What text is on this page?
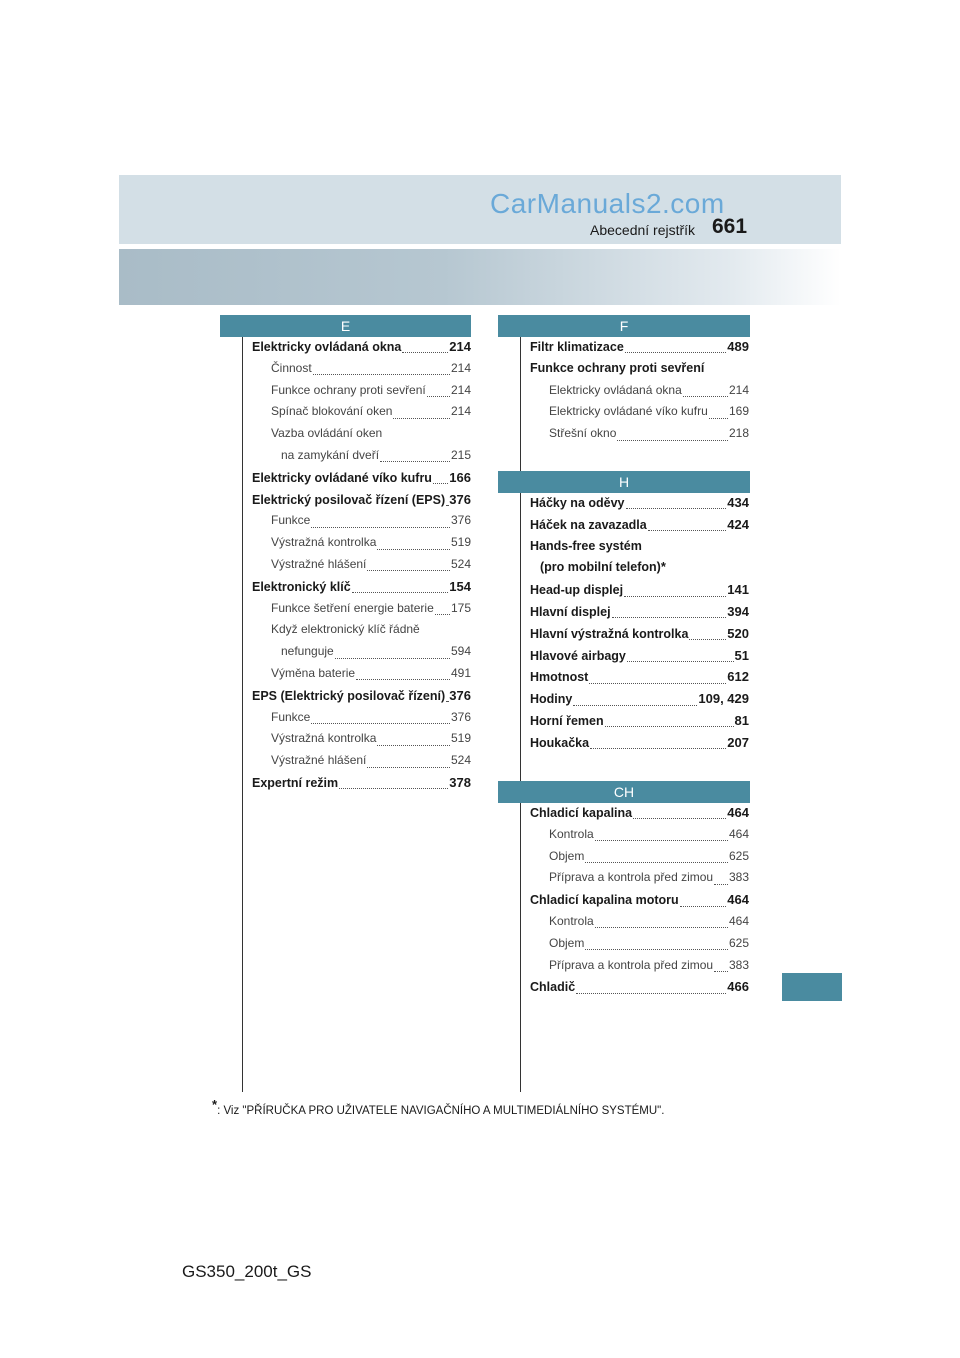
CarManuals2.com
Abecední rejstřík 661
E
Elektricky ovládaná okna	214
Činnost	214
Funkce ochrany proti sevření 214
Spínač blokování oken	214
Vazba ovládání oken
na zamykání dveří	215
Elektricky ovládané víko kufru 166
Elektrický posilovač řízení (EPS) 376
Funkce	376
Výstražná kontrolka	519
Výstražné hlášení	524
Elektronický klíč	154
Funkce šetření energie baterie 175
Když elektronický klíč řádně
nefunguje	594
Výměna baterie	491
EPS (Elektrický posilovač řízení) 376
Funkce	376
Výstražná kontrolka	519
Výstražné hlášení	524
Expertní režim	378
F
Filtr klimatizace	489
Funkce ochrany proti sevření
Elektricky ovládaná okna	214
Elektricky ovládané víko kufru 169
Střešní okno	218
H
Háčky na oděvy	434
Háček na zavazadla	424
Hands-free systém
(pro mobilní telefon) *
Head-up displej	141
Hlavní displej	394
Hlavní výstražná kontrolka	520
Hlavové airbagy	51
Hmotnost	612
Hodiny	109, 429
Horní řemen	81
Houkačka	207
CH
Chladicí kapalina	464
Kontrola	464
Objem	625
Příprava a kontrola před zimou 383
Chladicí kapalina motoru	464
Kontrola	464
Objem	625
Příprava a kontrola před zimou 383
Chladič	466
*: Viz "PŘÍRUČKA PRO UŽIVATELE NAVIGAČNÍHO A MULTIMEDIÁLNÍHO SYSTÉMU".
GS350_200t_GS
